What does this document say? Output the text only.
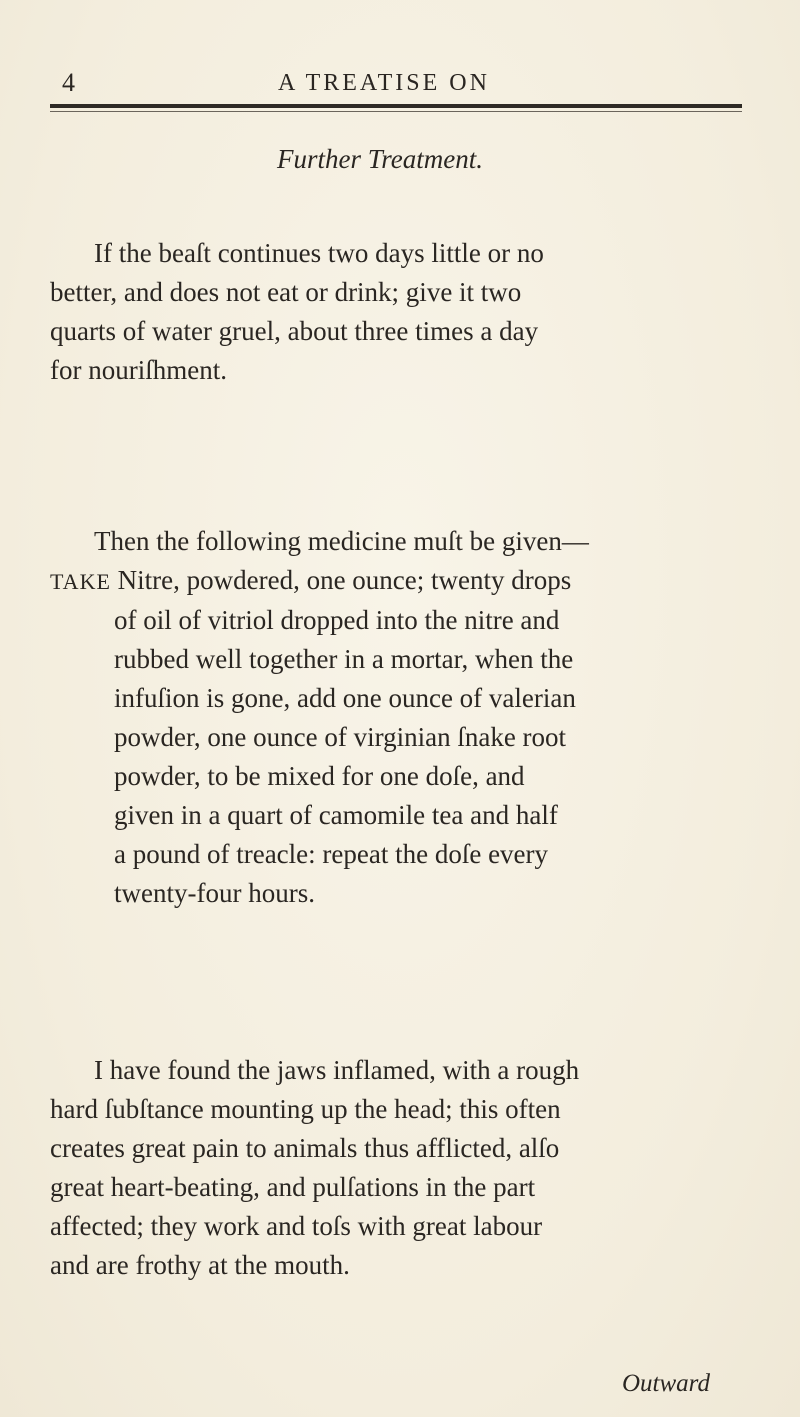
4	A TREATISE ON
Further Treatment.
If the beaſt continues two days little or no
better, and does not eat or drink; give it two
quarts of water gruel, about three times a day
for nouriſhment.
Then the following medicine muſt be given—
TAKE Nitre, powdered, one ounce; twenty drops
of oil of vitriol dropped into the nitre and
rubbed well together in a mortar, when the
infuſion is gone, add one ounce of valerian
powder, one ounce of virginian ſnake root
powder, to be mixed for one doſe, and
given in a quart of camomile tea and half
a pound of treacle: repeat the doſe every
twenty-four hours.
I have found the jaws inflamed, with a rough
hard ſubſtance mounting up the head; this often
creates great pain to animals thus afflicted, alſo
great heart-beating, and pulſations in the part
affected; they work and toſs with great labour
and are frothy at the mouth.
Outward
